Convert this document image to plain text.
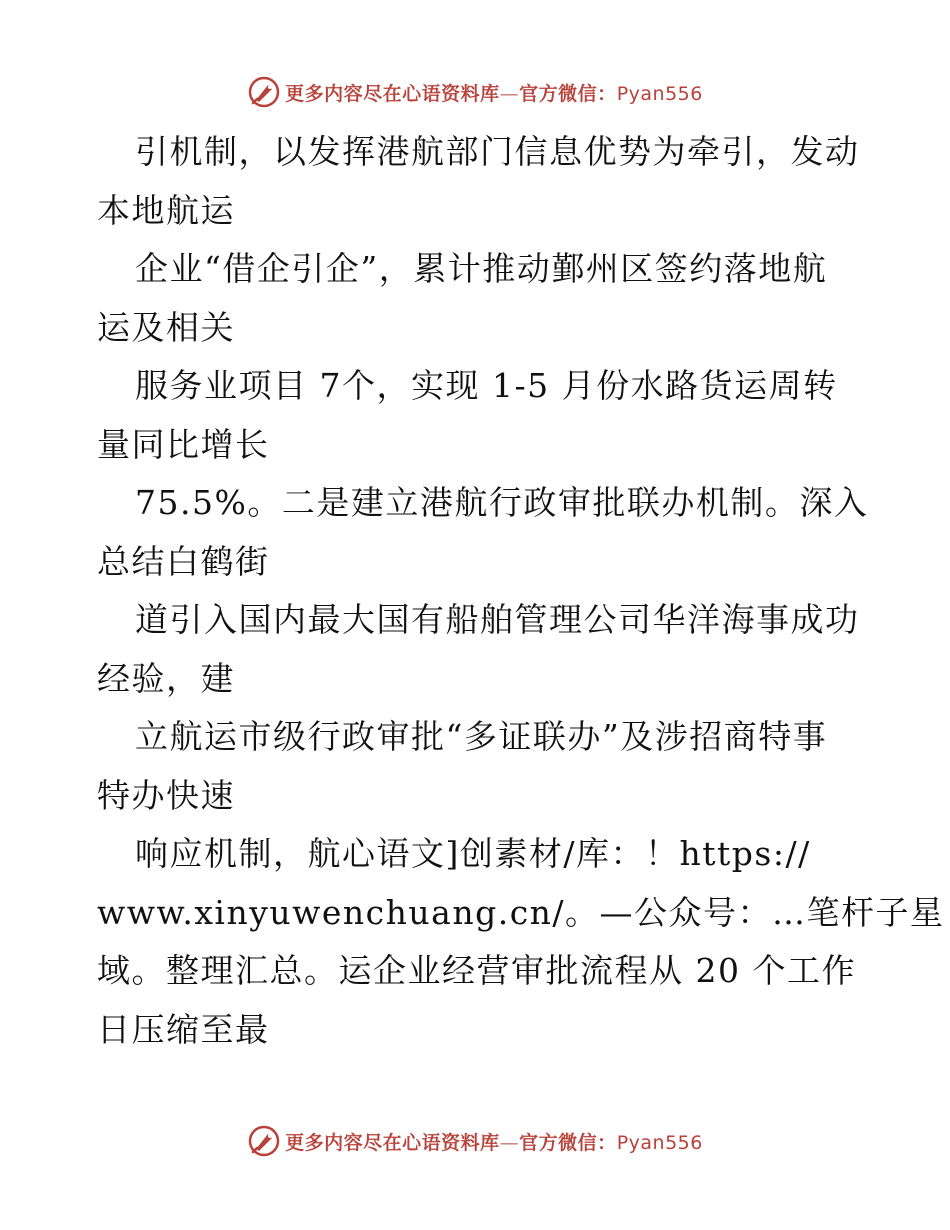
更多内容尽在心语资料库—官方微信：Pyan556
引机制，以发挥港航部门信息优势为牵引，发动
本地航运
企业“借企引企”，累计推动鄞州区签约落地航
运及相关
服务业项目 7个，实现 1-5 月份水路货运周转
量同比增长
75.5%。二是建立港航行政审批联办机制。深入
总结白鹤街
道引入国内最大国有船舶管理公司华洋海事成功
经验，建
立航运市级行政审批“多证联办”及涉招商特事
特办快速
响应机制，航心语文]创素材/库：！https://
www.xinyuwenchuang.cn/。—公众号：…笔杆子星
域。整理汇总。运企业经营审批流程从 20 个工作
日压缩至最
更多内容尽在心语资料库—官方微信：Pyan556
